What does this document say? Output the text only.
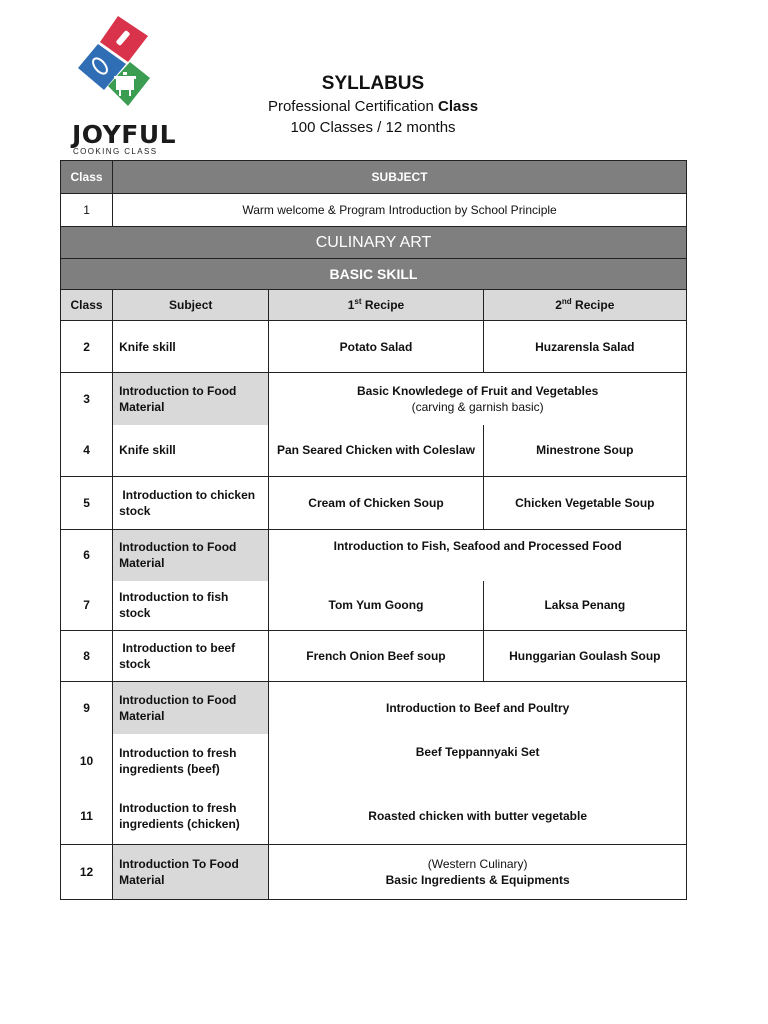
JOYFUL
COOKING CLASS
SYLLABUS
Professional Certification Class
100 Classes / 12 months
Class	SUBJECT		
1	Warm welcome & Program Introduction by School Principle		
CULINARY ART			
BASIC SKILL			
Class	Subject	1st Recipe	2nd Recipe
2	Knife skill	Potato Salad	Huzarensla Salad
3	Introduction to Food Material	Basic Knowledege of Fruit and Vegetables
(carving & garnish basic)	

4	Knife skill	Pan Seared Chicken with Coleslaw	Minestrone Soup
5	Introduction to chicken stock	Cream of Chicken Soup	Chicken Vegetable Soup
6	Introduction to Food Material	Introduction to Fish, Seafood and Processed Food	
7	Introduction to fish stock	Tom Yum Goong	Laksa Penang
8	Introduction to beef stock	French Onion Beef soup	Hunggarian Goulash Soup
9	Introduction to Food Material	Introduction to Beef and Poultry	
10	Introduction to fresh ingredients (beef)	Beef Teppannyaki Set	
11	Introduction to fresh ingredients (chicken)	Roasted chicken with butter vegetable	
12	Introduction To Food Material	(Western Culinary)
Basic Ingredients & Equipments	
